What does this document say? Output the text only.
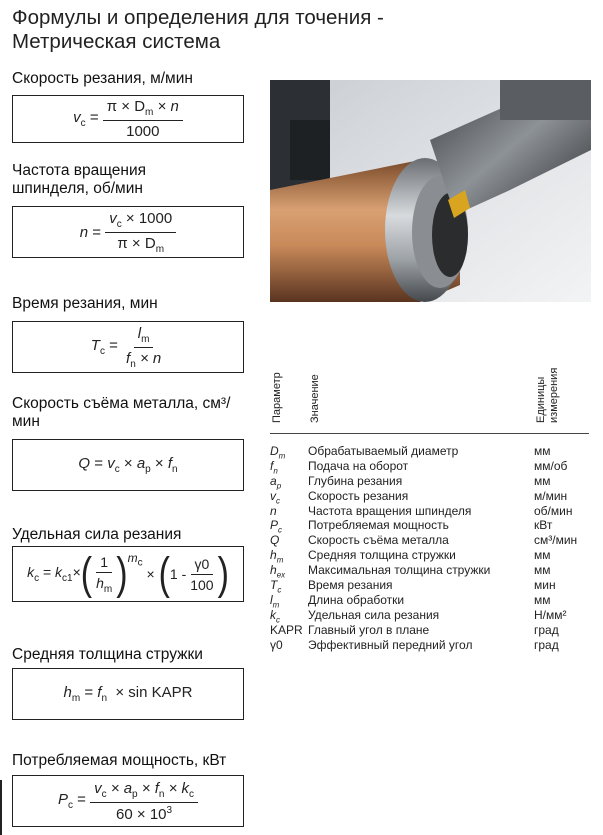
Формулы и определения для точения - Метрическая система
Скорость резания, м/мин
$v_c = \frac{\pi \times D_m \times n}{1000}$
Частота вращения шпинделя, об/мин
$n = \frac{v_c \times 1000}{\pi \times D_m}$
Время резания, мин
$T_c = \frac{l_m}{f_n \times n}$
Скорость съёма металла, см³/мин
$Q = v_c \times a_p \times f_n$
Удельная сила резания
$k_c = k_{c1}\times$ ( $\frac{1}{h_m}$ ) $m_c$
× ( $1 - \frac{\gamma 0}{100}$ )
Средняя толщина стружки
$h_m = f_n \times \sin$ KAPR
Потребляемая мощность, кВт
$P_c = \frac{v_c \times a_p \times f_n \times k_c}{60 \times 10^3}$
Параметр Значение	Единицы измерения
$D_m$	Обрабатываемый диаметр	мм
$f_n$	Подача на оборот	мм/об
$a_p$	Глубина резания	мм
$v_c$	Скорость резания	м/мин
n	Частота вращения шпинделя	об/мин
$P_c$	Потребляемая мощность	кВт
Q	Скорость съёма металла	см³/мин
$h_m$	Средняя толщина стружки	мм
$h_{ex}$	Максимальная толщина стружки	мм
$T_c$	Время резания	мин
$l_m$	Длина обработки	мм
$k_c$	Удельная сила резания	Н/мм²
KAPR Главный угол в плане	град
γ0	Эффективный передний угол	град
